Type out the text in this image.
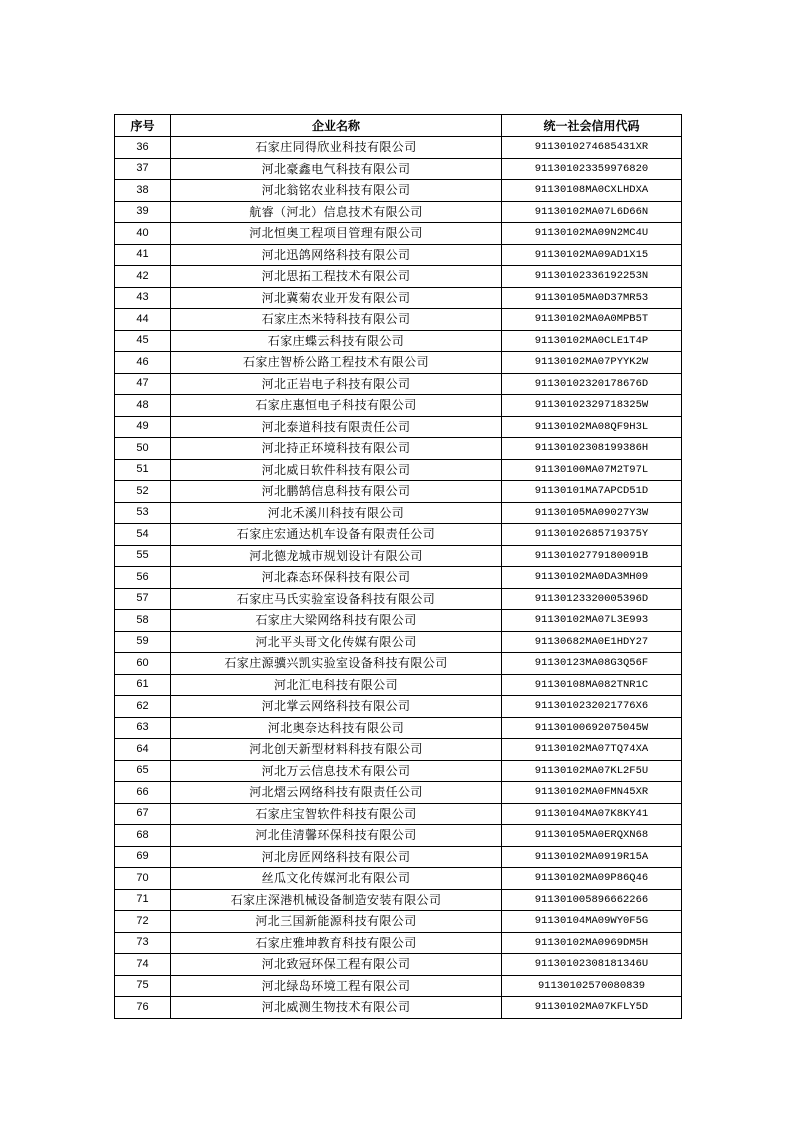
序号	企业名称	统一社会信用代码
36	石家庄同得欣业科技有限公司	9113010274685431XR
37	河北豪鑫电气科技有限公司	911301023359976820
38	河北翁铭农业科技有限公司	91130108MA0CXLHDXA
39	航睿（河北）信息技术有限公司	91130102MA07L6D66N
40	河北恒奥工程项目管理有限公司	91130102MA09N2MC4U
41	河北迅鸽网络科技有限公司	91130102MA09AD1X15
42	河北思拓工程技术有限公司	91130102336192253N
43	河北冀菊农业开发有限公司	91130105MA0D37MR53
44	石家庄杰米特科技有限公司	91130102MA0A0MPB5T
45	石家庄蝶云科技有限公司	91130102MA0CLE1T4P
46	石家庄智桥公路工程技术有限公司	91130102MA07PYYK2W
47	河北正岩电子科技有限公司	91130102320178676D
48	石家庄惠恒电子科技有限公司	91130102329718325W
49	河北泰道科技有限责任公司	91130102MA08QF9H3L
50	河北持正环境科技有限公司	91130102308199386H
51	河北威日软件科技有限公司	91130100MA07M2T97L
52	河北鹏鹄信息科技有限公司	91130101MA7APCD51D
53	河北禾溪川科技有限公司	91130105MA09027Y3W
54	石家庄宏通达机车设备有限责任公司	91130102685719375Y
55	河北德龙城市规划设计有限公司	91130102779180091B
56	河北森态环保科技有限公司	91130102MA0DA3MH09
57	石家庄马氏实验室设备科技有限公司	91130123320005396D
58	石家庄大梁网络科技有限公司	91130102MA07L3E993
59	河北平头哥文化传媒有限公司	91130682MA0E1HDY27
60	石家庄源骥兴凯实验室设备科技有限公司	91130123MA08G3Q56F
61	河北汇电科技有限公司	91130108MA082TNR1C
62	河北掌云网络科技有限公司	9113010232021776X6
63	河北奥奈达科技有限公司	91130100692075045W
64	河北创天新型材料科技有限公司	91130102MA07TQ74XA
65	河北万云信息技术有限公司	91130102MA07KL2F5U
66	河北熠云网络科技有限责任公司	91130102MA0FMN45XR
67	石家庄宝智软件科技有限公司	91130104MA07K8KY41
68	河北佳清馨环保科技有限公司	91130105MA0ERQXN68
69	河北房匠网络科技有限公司	91130102MA0919R15A
70	丝瓜文化传媒河北有限公司	91130102MA09P86Q46
71	石家庄深港机械设备制造安装有限公司	911301005896662266
72	河北三国新能源科技有限公司	91130104MA09WY0F5G
73	石家庄雅坤教育科技有限公司	91130102MA0969DM5H
74	河北致冠环保工程有限公司	91130102308181346U
75	河北绿岛环境工程有限公司	91130102570080839
76	河北威测生物技术有限公司	91130102MA07KFLY5D
